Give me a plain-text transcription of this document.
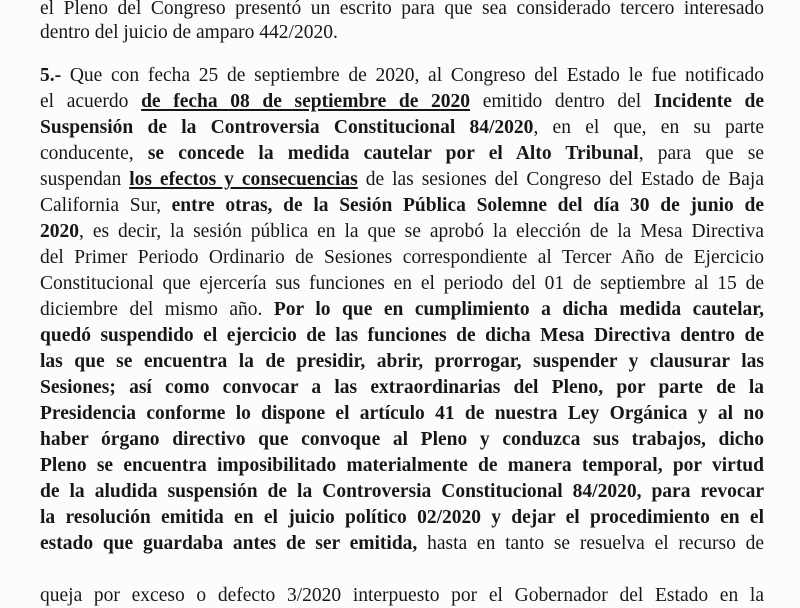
el Pleno del Congreso presentó un escrito para que sea considerado tercero interesado
dentro del juicio de amparo 442/2020.
5.- Que con fecha 25 de septiembre de 2020, al Congreso del Estado le fue notificado
el acuerdo de fecha 08 de septiembre de 2020 emitido dentro del Incidente de
Suspensión de la Controversia Constitucional 84/2020, en el que, en su parte
conducente, se concede la medida cautelar por el Alto Tribunal, para que se
suspendan los efectos y consecuencias de las sesiones del Congreso del Estado de Baja
California Sur, entre otras, de la Sesión Pública Solemne del día 30 de junio de
2020, es decir, la sesión pública en la que se aprobó la elección de la Mesa Directiva
del Primer Periodo Ordinario de Sesiones correspondiente al Tercer Año de Ejercicio
Constitucional que ejercería sus funciones en el periodo del 01 de septiembre al 15 de
diciembre del mismo año. Por lo que en cumplimiento a dicha medida cautelar,
quedó suspendido el ejercicio de las funciones de dicha Mesa Directiva dentro de
las que se encuentra la de presidir, abrir, prorrogar, suspender y clausurar las
Sesiones; así como convocar a las extraordinarias del Pleno, por parte de la
Presidencia conforme lo dispone el artículo 41 de nuestra Ley Orgánica y al no
haber órgano directivo que convoque al Pleno y conduzca sus trabajos, dicho
Pleno se encuentra imposibilitado materialmente de manera temporal, por virtud
de la aludida suspensión de la Controversia Constitucional 84/2020, para revocar
la resolución emitida en el juicio político 02/2020 y dejar el procedimiento en el
estado que guardaba antes de ser emitida, hasta en tanto se resuelva el recurso de
queja por exceso o defecto 3/2020 interpuesto por el Gobernador del Estado en la
